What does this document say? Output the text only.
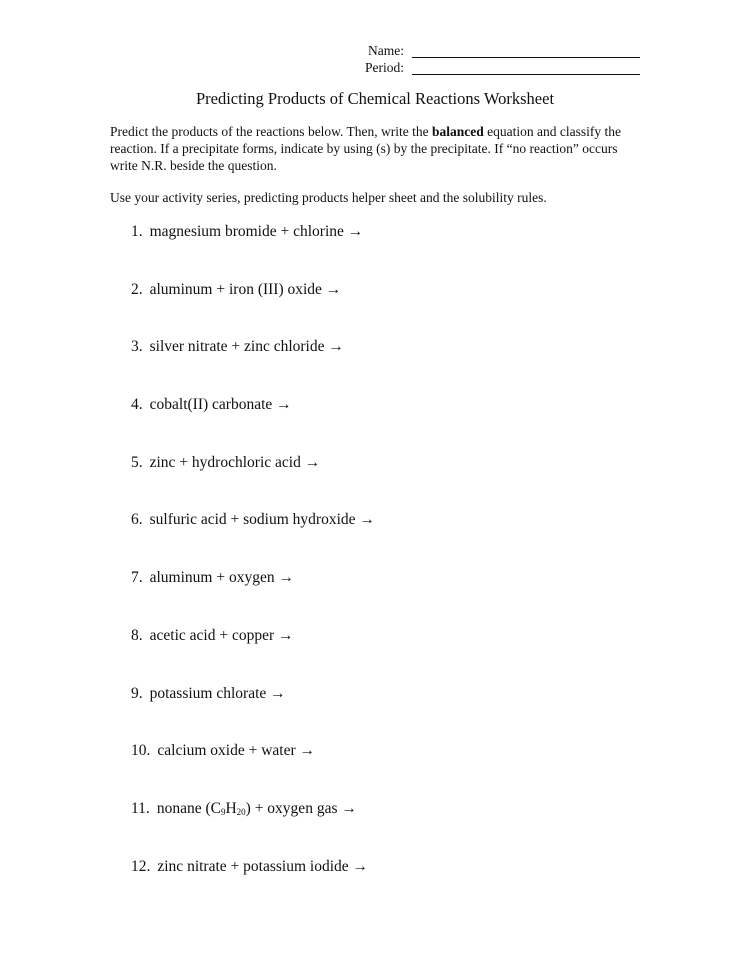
Name:
Period:
Predicting Products of Chemical Reactions Worksheet

Predict the products of the reactions below. Then, write the balanced equation and classify the reaction. If a precipitate forms, indicate by using (s) by the precipitate. If “no reaction” occurs write N.R. beside the question.

Use your activity series, predicting products helper sheet and the solubility rules.
1. magnesium bromide + chlorine →
2. aluminum + iron (III) oxide →
3. silver nitrate + zinc chloride →
4. cobalt(II) carbonate →
5. zinc + hydrochloric acid →
6. sulfuric acid + sodium hydroxide →
7. aluminum + oxygen →
8. acetic acid + copper →
9. potassium chlorate →
10. calcium oxide + water →
11. nonane $(C_9H_{20})$ + oxygen gas →
12. zinc nitrate + potassium iodide →
